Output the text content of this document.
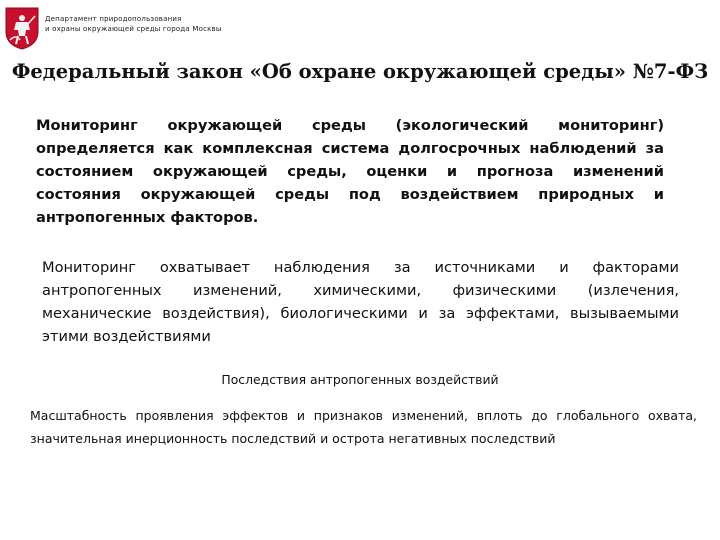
Департамент природопользования
и охраны окружающей среды города Москвы
Федеральный закон «Об охране окружающей среды» №7-ФЗ
Мониторинг окружающей среды (экологический мониторинг) определяется как комплексная система долгосрочных наблюдений за состоянием окружающей среды, оценки и прогноза изменений состояния окружающей среды под воздействием природных и антропогенных факторов.
Мониторинг охватывает наблюдения за источниками и факторами антропогенных изменений, химическими, физическими (излечения, механические воздействия), биологическими и за эффектами, вызываемыми этими воздействиями
Последствия антропогенных воздействий
Масштабность проявления эффектов и признаков изменений, вплоть до глобального охвата, значительная инерционность последствий и острота негативных последствий
